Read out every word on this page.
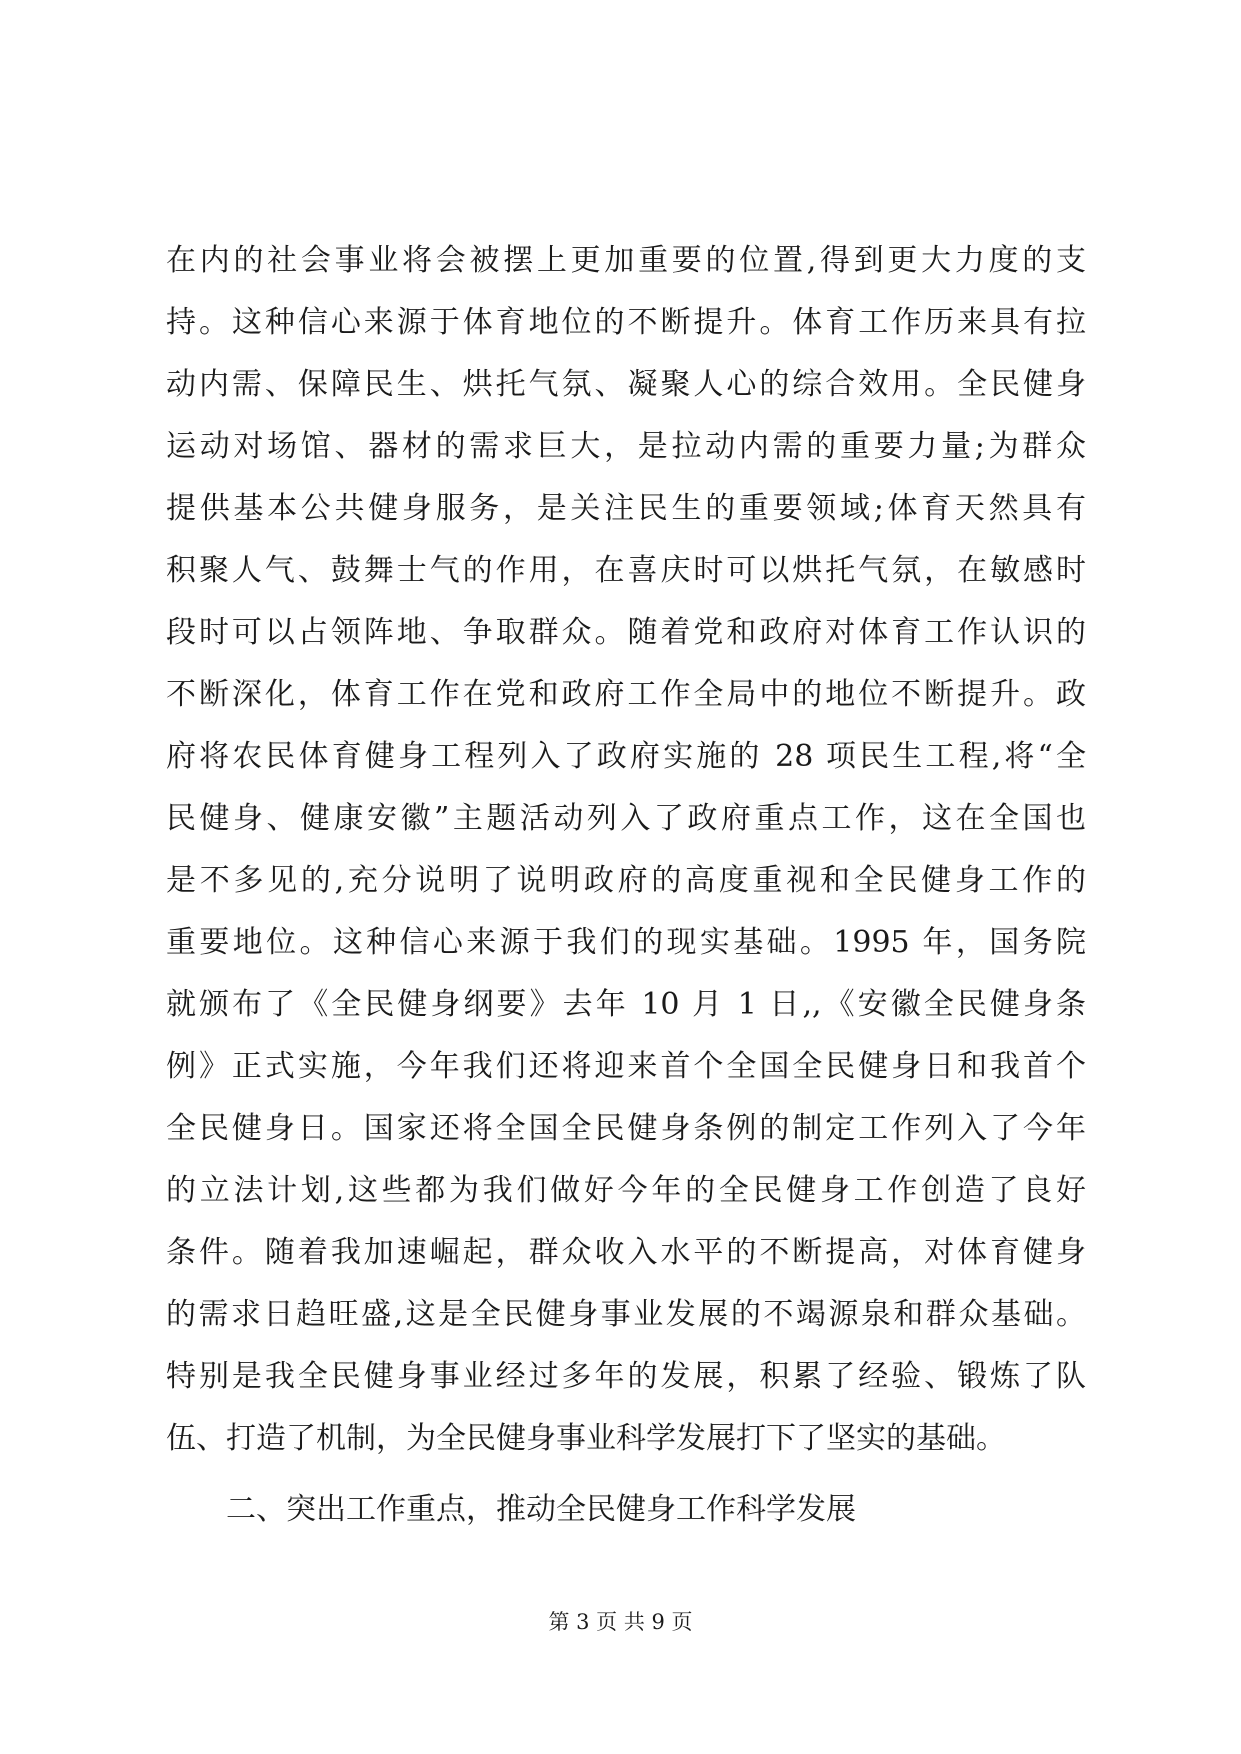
在内的社会事业将会被摆上更加重要的位置,得到更大力度的支
持。这种信心来源于体育地位的不断提升。体育工作历来具有拉
动内需、保障民生、烘托气氛、凝聚人心的综合效用。全民健身
运动对场馆、器材的需求巨大，是拉动内需的重要力量;为群众
提供基本公共健身服务，是关注民生的重要领域;体育天然具有
积聚人气、鼓舞士气的作用，在喜庆时可以烘托气氛，在敏感时
段时可以占领阵地、争取群众。随着党和政府对体育工作认识的
不断深化，体育工作在党和政府工作全局中的地位不断提升。政
府将农民体育健身工程列入了政府实施的 28 项民生工程,将“全
民健身、健康安徽”主题活动列入了政府重点工作，这在全国也
是不多见的,充分说明了说明政府的高度重视和全民健身工作的
重要地位。这种信心来源于我们的现实基础。1995 年，国务院
就颁布了《全民健身纲要》去年 10 月 1 日,,《安徽全民健身条
例》正式实施，今年我们还将迎来首个全国全民健身日和我首个
全民健身日。国家还将全国全民健身条例的制定工作列入了今年
的立法计划,这些都为我们做好今年的全民健身工作创造了良好
条件。随着我加速崛起，群众收入水平的不断提高，对体育健身
的需求日趋旺盛,这是全民健身事业发展的不竭源泉和群众基础。
特别是我全民健身事业经过多年的发展，积累了经验、锻炼了队
伍、打造了机制，为全民健身事业科学发展打下了坚实的基础。

二、突出工作重点，推动全民健身工作科学发展

第 3 页 共 9 页
